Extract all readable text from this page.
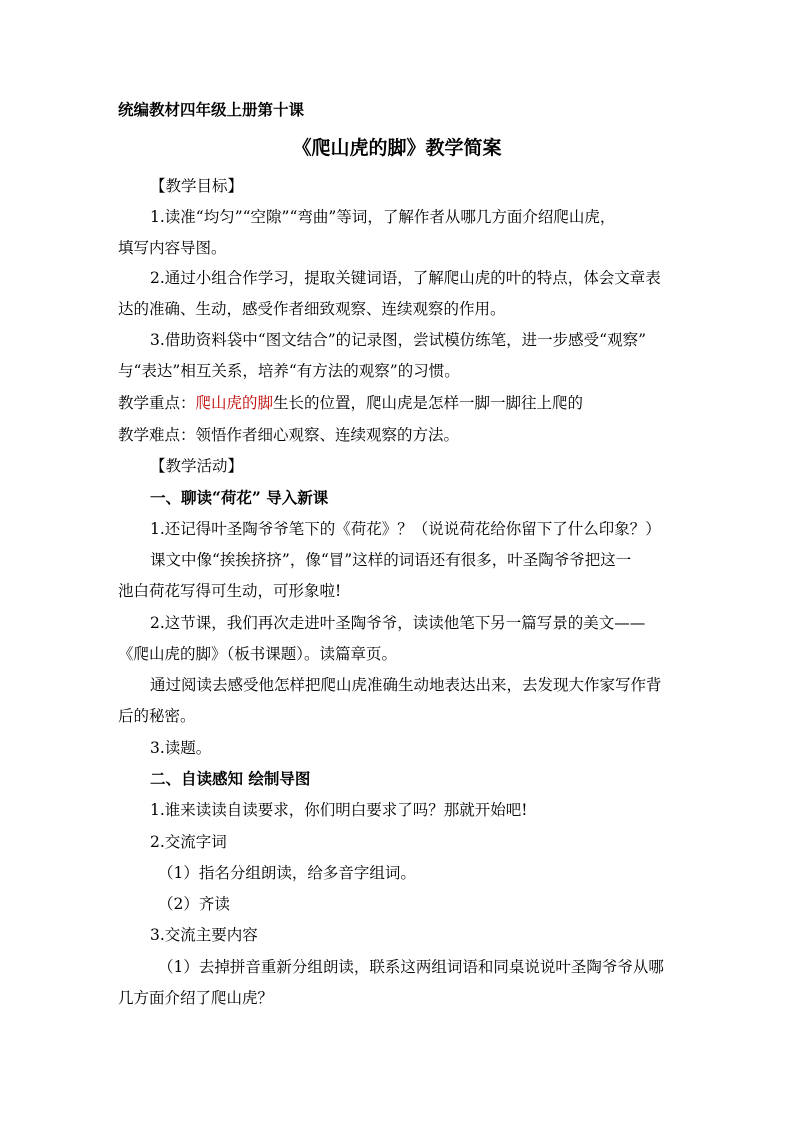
统编教材四年级上册第十课
《爬山虎的脚》教学简案
【教学目标】
1.读准“均匀”“空隙”“弯曲”等词，了解作者从哪几方面介绍爬山虎，
填写内容导图。
2.通过小组合作学习，提取关键词语，了解爬山虎的叶的特点，体会文章表
达的准确、生动，感受作者细致观察、连续观察的作用。
3.借助资料袋中“图文结合”的记录图，尝试模仿练笔，进一步感受“观察”
与“表达”相互关系，培养“有方法的观察”的习惯。
教学重点：爬山虎的脚生长的位置，爬山虎是怎样一脚一脚往上爬的
教学难点：领悟作者细心观察、连续观察的方法。
【教学活动】
一、聊读“荷花” 导入新课
1.还记得叶圣陶爷爷笔下的《荷花》？（说说荷花给你留下了什么印象？）
课文中像“挨挨挤挤”，像“冒”这样的词语还有很多，叶圣陶爷爷把这一
池白荷花写得可生动，可形象啦!
2.这节课，我们再次走进叶圣陶爷爷，读读他笔下另一篇写景的美文——
《爬山虎的脚》（板书课题）。读篇章页。
通过阅读去感受他怎样把爬山虎准确生动地表达出来，去发现大作家写作背
后的秘密。
3.读题。
二、自读感知 绘制导图
1.谁来读读自读要求，你们明白要求了吗？那就开始吧!
2.交流字词
（1）指名分组朗读，给多音字组词。
（2）齐读
3.交流主要内容
（1）去掉拼音重新分组朗读，联系这两组词语和同桌说说叶圣陶爷爷从哪
几方面介绍了爬山虎？
